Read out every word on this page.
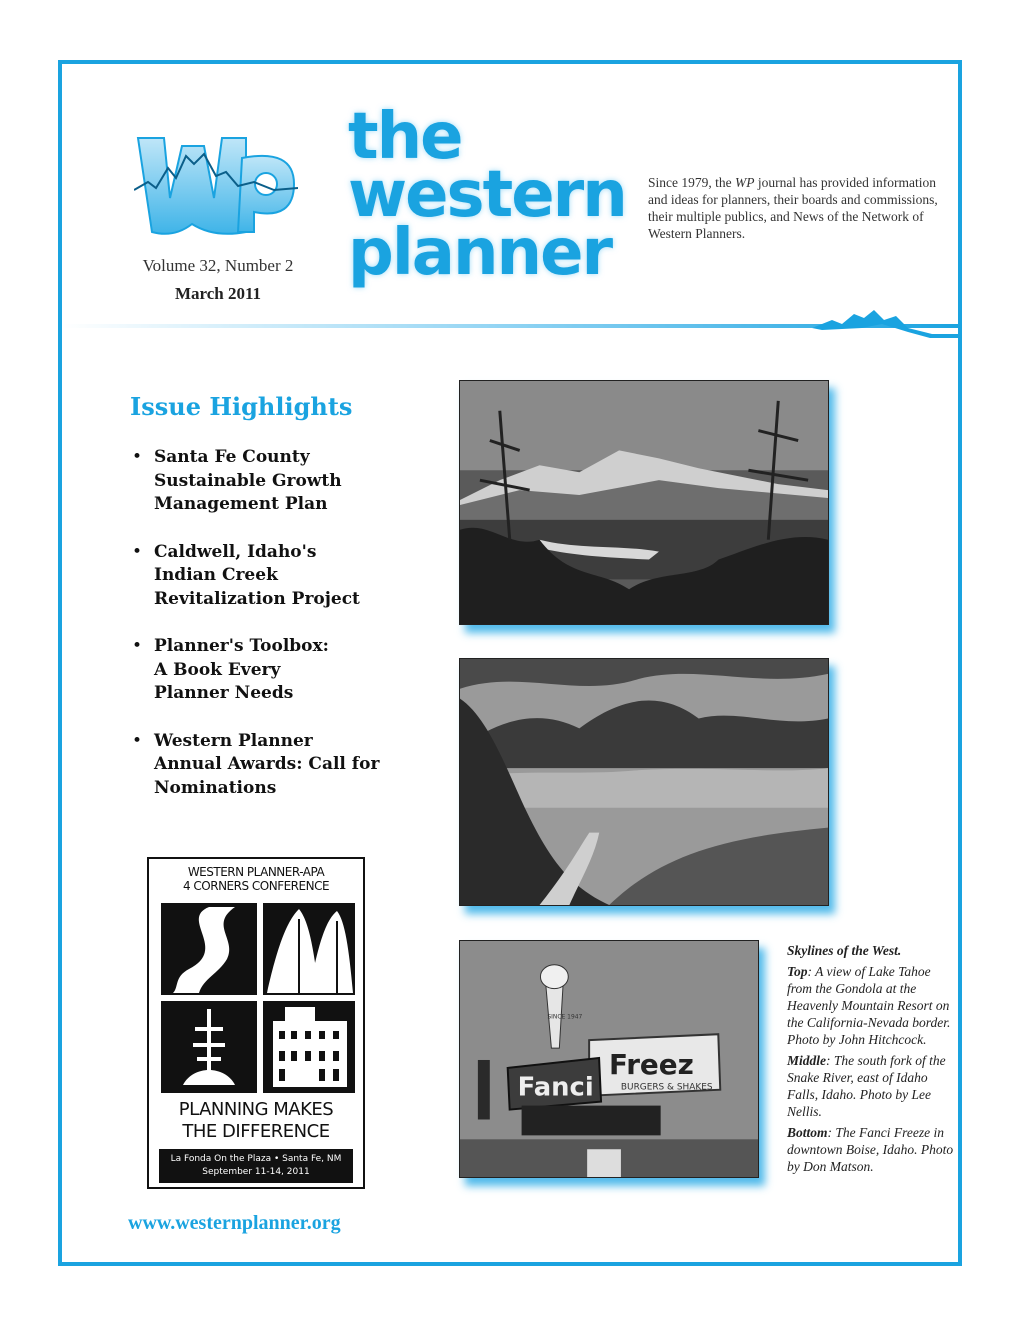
Volume 32, Number 2
March 2011
the
western
planner
Since 1979, the WP journal has provided information and ideas for planners, their boards and commissions, their multiple publics, and News of the Network of Western Planners.
Issue Highlights
• Santa Fe County
Sustainable Growth
Management Plan
• Caldwell, Idaho's
Indian Creek
Revitalization Project
• Planner's Toolbox:
A Book Every
Planner Needs
• Western Planner
Annual Awards: Call for
Nominations
WESTERN PLANNER-APA
4 CORNERS CONFERENCE
PLANNING MAKES
THE DIFFERENCE
La Fonda On the Plaza • Santa Fe, NM
September 11-14, 2011
www.westernplanner.org
Freez
Fanci	BURGERS & SHAKES
SINCE 1947
Skylines of the West.
Top: A view of Lake Tahoe from the Gondola at the Heavenly Mountain Resort on the California-Nevada border. Photo by John Hitchcock.
Middle: The south fork of the Snake River, east of Idaho Falls, Idaho. Photo by Lee Nellis.
Bottom: The Fanci Freeze in downtown Boise, Idaho. Photo by Don Matson.
